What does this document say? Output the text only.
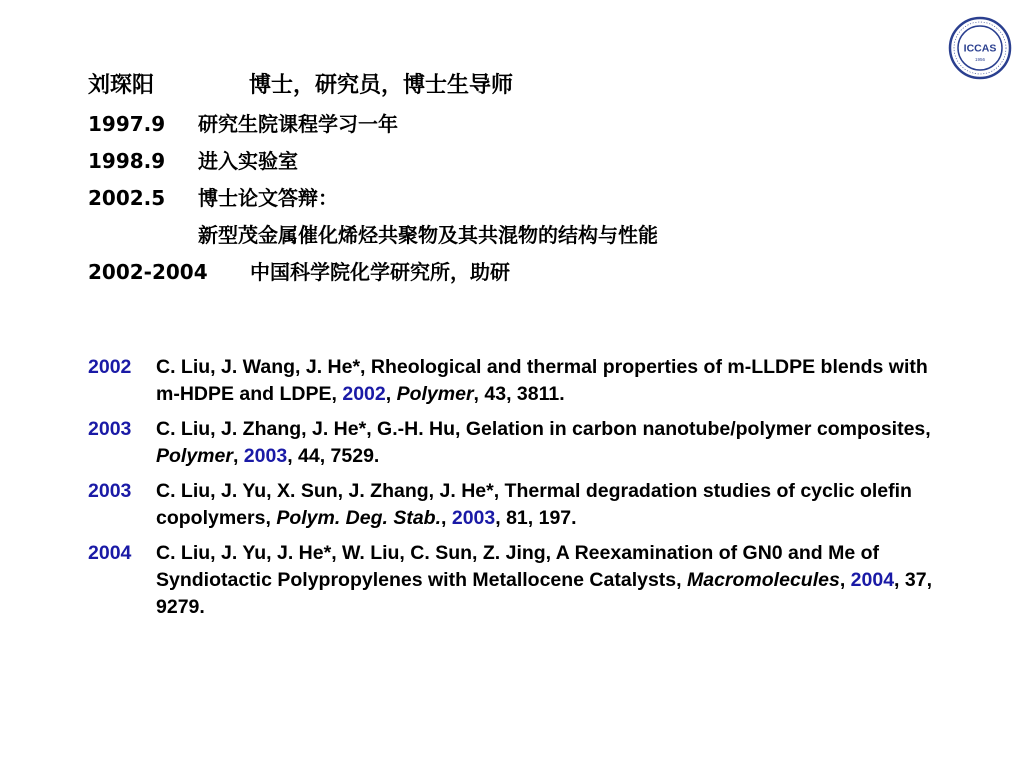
刘琛阳	博士，研究员，博士生导师
1997.9 研究生院课程学习一年
1998.9 进入实验室
2002.5 博士论文答辩：
新型茂金属催化烯烃共聚物及其共混物的结构与性能
2002-2004 中国科学院化学研究所，助研
2002	C. Liu, J. Wang, J. He*, Rheological and thermal properties of m-LLDPE blends with m-HDPE and LDPE, 2002, Polymer, 43, 3811.
2003	C. Liu, J. Zhang, J. He*, G.-H. Hu, Gelation in carbon nanotube/polymer composites, Polymer, 2003, 44, 7529.
2003	C. Liu, J. Yu, X. Sun, J. Zhang, J. He*, Thermal degradation studies of cyclic olefin copolymers, Polym. Deg. Stab., 2003, 81, 197.
2004	C. Liu, J. Yu, J. He*, W. Liu, C. Sun, Z. Jing, A Reexamination of GN0 and Me of Syndiotactic Polypropylenes with Metallocene Catalysts, Macromolecules, 2004, 37, 9279.
ICCAS
1956
